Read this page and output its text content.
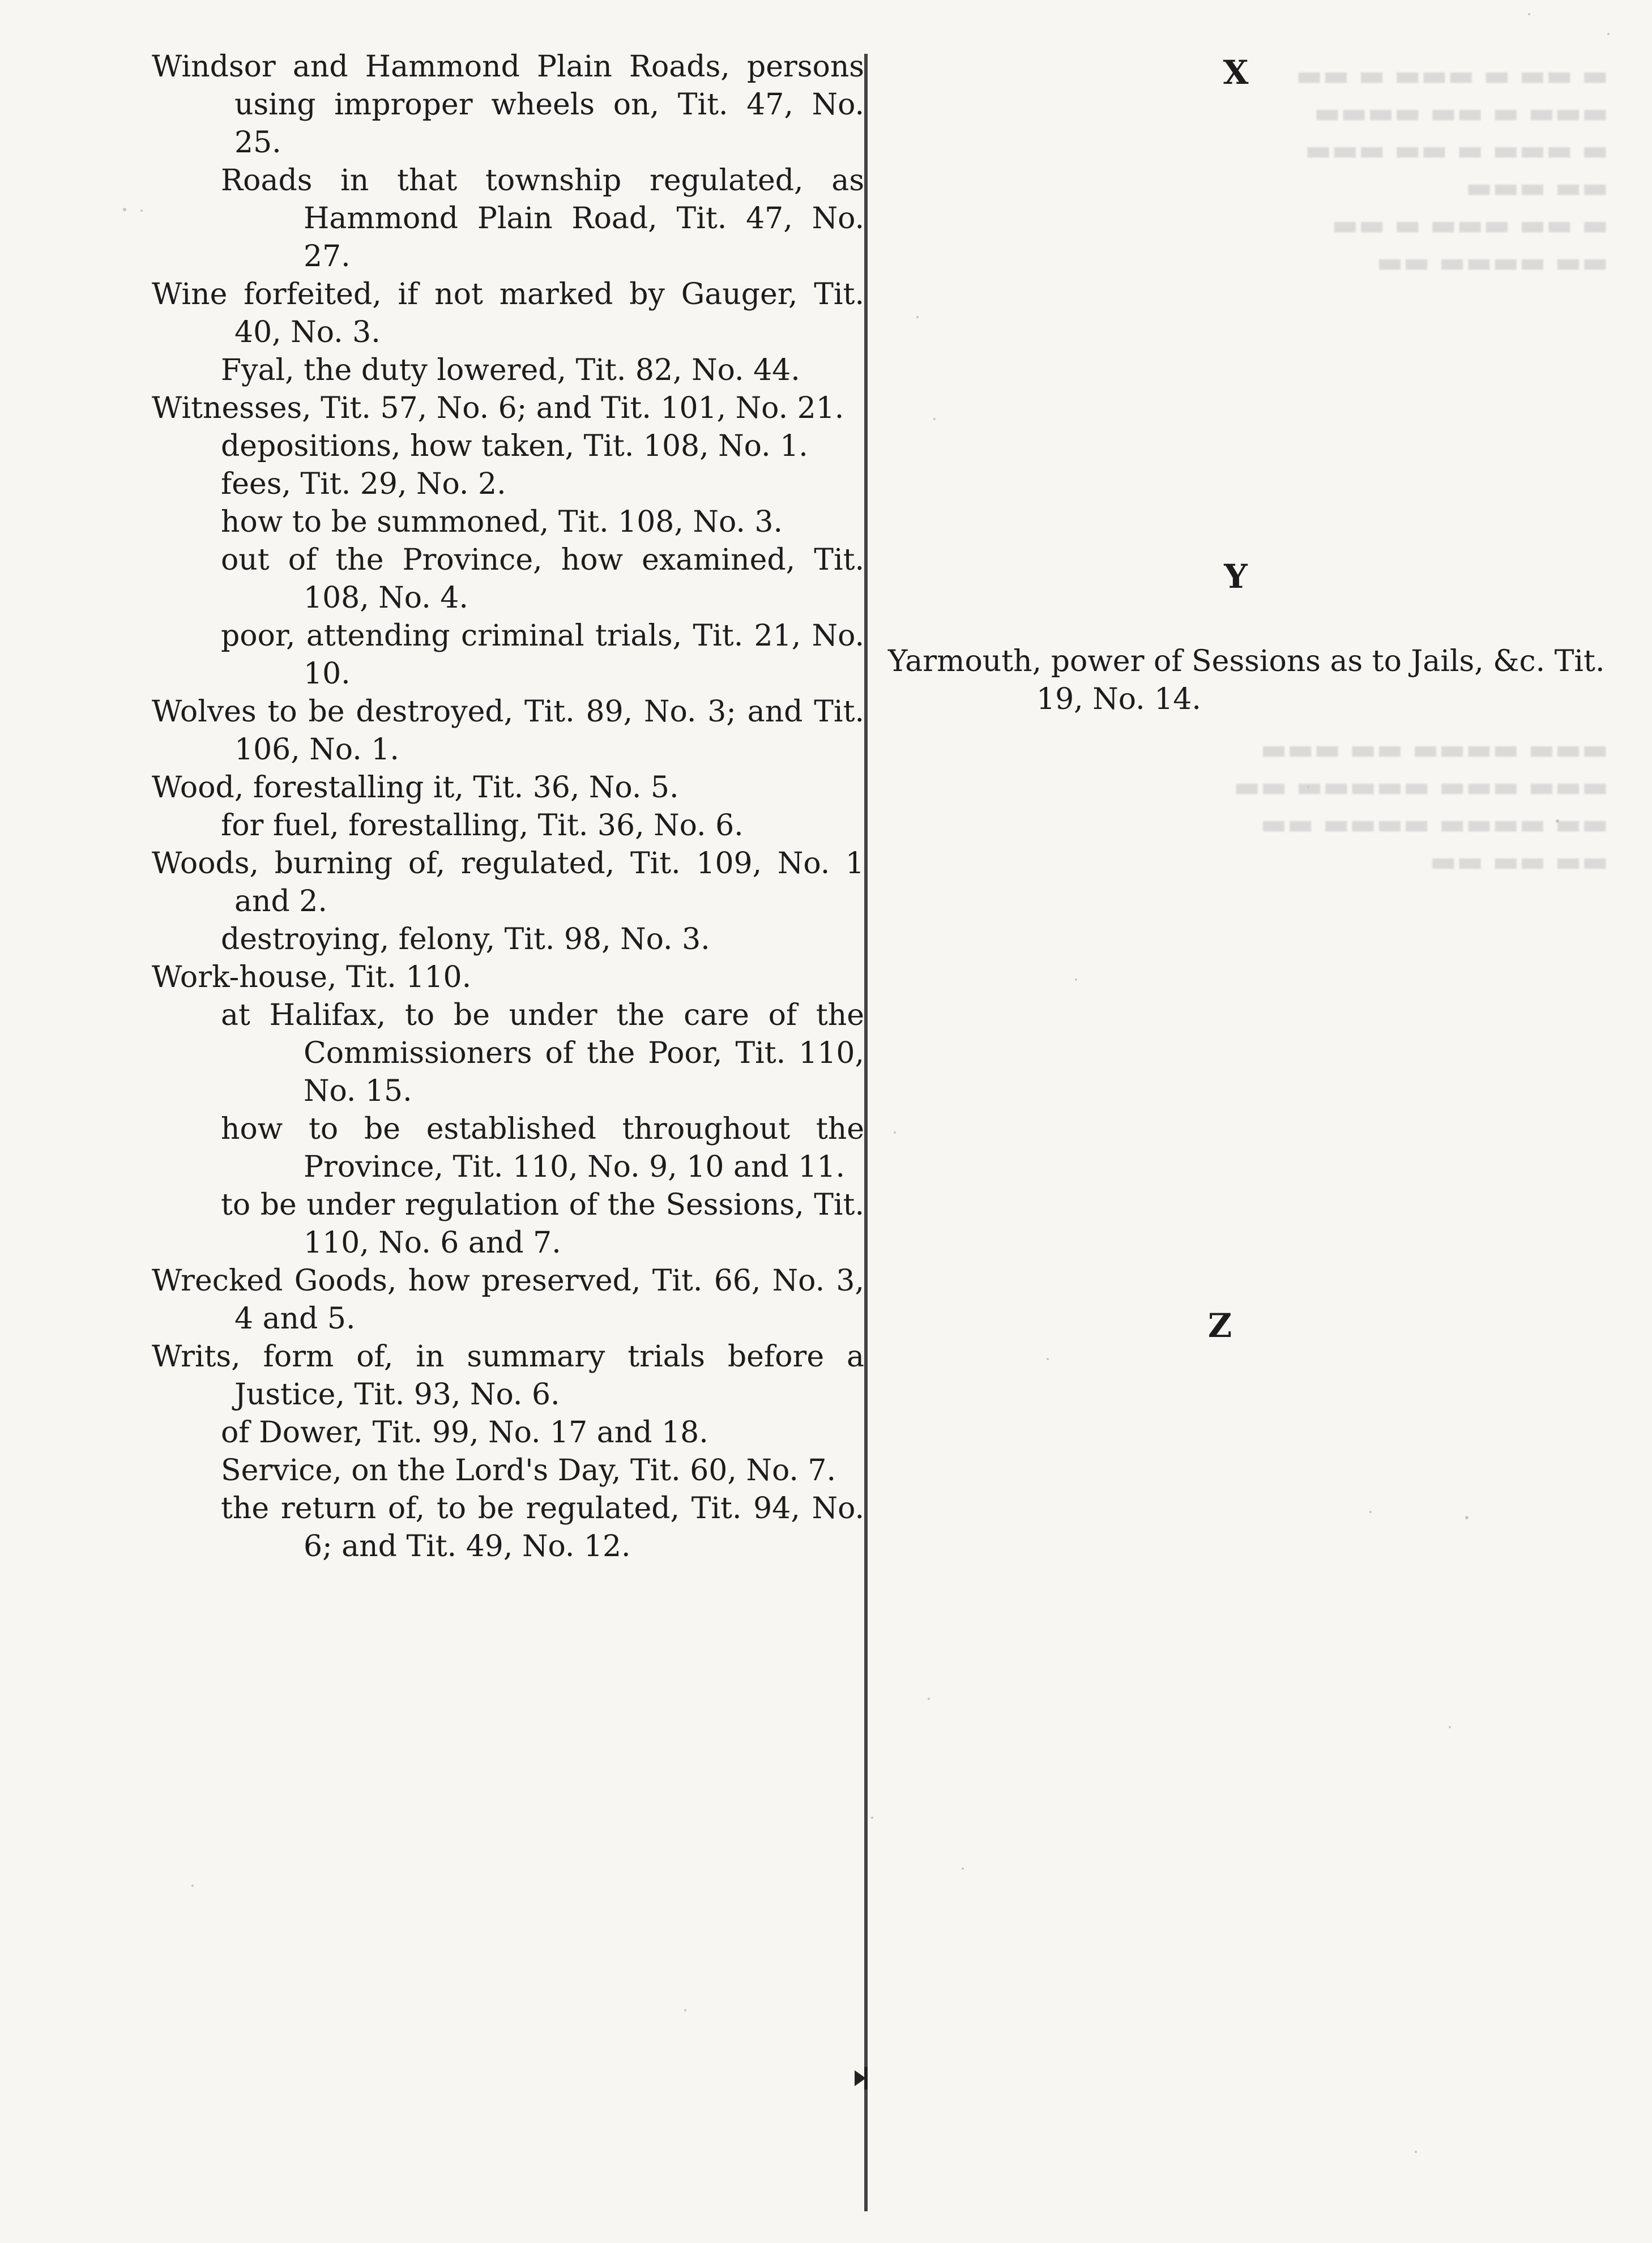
▬ ▬▬ ▬ ▬▬▬ ▬ ▬▬
▬▬▬ ▬ ▬▬ ▬▬▬▬
▬ ▬▬▬ ▬ ▬▬ ▬▬▬
▬▬ ▬▬▬
▬ ▬▬ ▬▬▬ ▬ ▬▬
▬▬ ▬▬▬▬ ▬▬
▬▬▬ ▬▬▬▬ ▬▬ ▬▬▬
▬▬▬ ▬▬▬ ▬▬▬▬▬ ▬▬
▬▬ ▬▬▬▬ ▬▬▬▬ ▬▬
▬▬ ▬▬ ▬▬

Windsor and Hammond Plain Roads, persons using improper wheels on, Tit. 47, No. 25.

Roads in that township regulated, as Hammond Plain Road, Tit. 47, No. 27.

Wine forfeited, if not marked by Gauger, Tit. 40, No. 3.

Fyal, the duty lowered, Tit. 82, No. 44.

Witnesses, Tit. 57, No. 6; and Tit. 101, No. 21.

depositions, how taken, Tit. 108, No. 1.

fees, Tit. 29, No. 2.

how to be summoned, Tit. 108, No. 3.

out of the Province, how examined, Tit. 108, No. 4.

poor, attending criminal trials, Tit. 21, No. 10.

Wolves to be destroyed, Tit. 89, No. 3; and Tit. 106, No. 1.

Wood, forestalling it, Tit. 36, No. 5.

for fuel, forestalling, Tit. 36, No. 6.

Woods, burning of, regulated, Tit. 109, No. 1 and 2.

destroying, felony, Tit. 98, No. 3.

Work-house, Tit. 110.

at Halifax, to be under the care of the Commissioners of the Poor, Tit. 110, No. 15.

how to be established throughout the Province, Tit. 110, No. 9, 10 and 11.

to be under regulation of the Sessions, Tit. 110, No. 6 and 7.

Wrecked Goods, how preserved, Tit. 66, No. 3, 4 and 5.

Writs, form of, in summary trials before a Justice, Tit. 93, No. 6.

of Dower, Tit. 99, No. 17 and 18.

Service, on the Lord's Day, Tit. 60, No. 7.

the return of, to be regulated, Tit. 94, No. 6; and Tit. 49, No. 12.

X
Y
Yarmouth, power of Sessions as to Jails, &c. Tit. 19, No. 14.
Z
